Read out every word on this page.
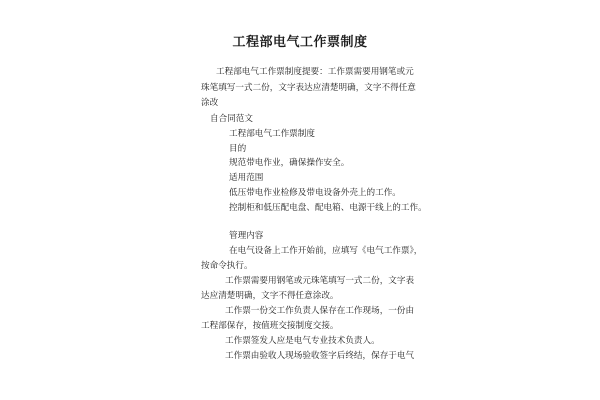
工程部电气工作票制度
工程部电气工作票制度提要：工作票需要用钢笔或元
珠笔填写一式二份，文字表达应清楚明确，文字不得任意
涂改
自合同范文
工程部电气工作票制度
目的
规范带电作业，确保操作安全。
适用范围
低压带电作业检修及带电设备外壳上的工作。
控制柜和低压配电盘、配电箱、电源干线上的工作。
管理内容
在电气设备上工作开始前，应填写《电气工作票》，
按命令执行。
工作票需要用钢笔或元珠笔填写一式二份，文字表
达应清楚明确，文字不得任意涂改。
工作票一份交工作负责人保存在工作现场，一份由
工程部保存，按值班交接制度交接。
工作票签发人应是电气专业技术负责人。
工作票由验收人现场验收签字后终结，保存于电气
